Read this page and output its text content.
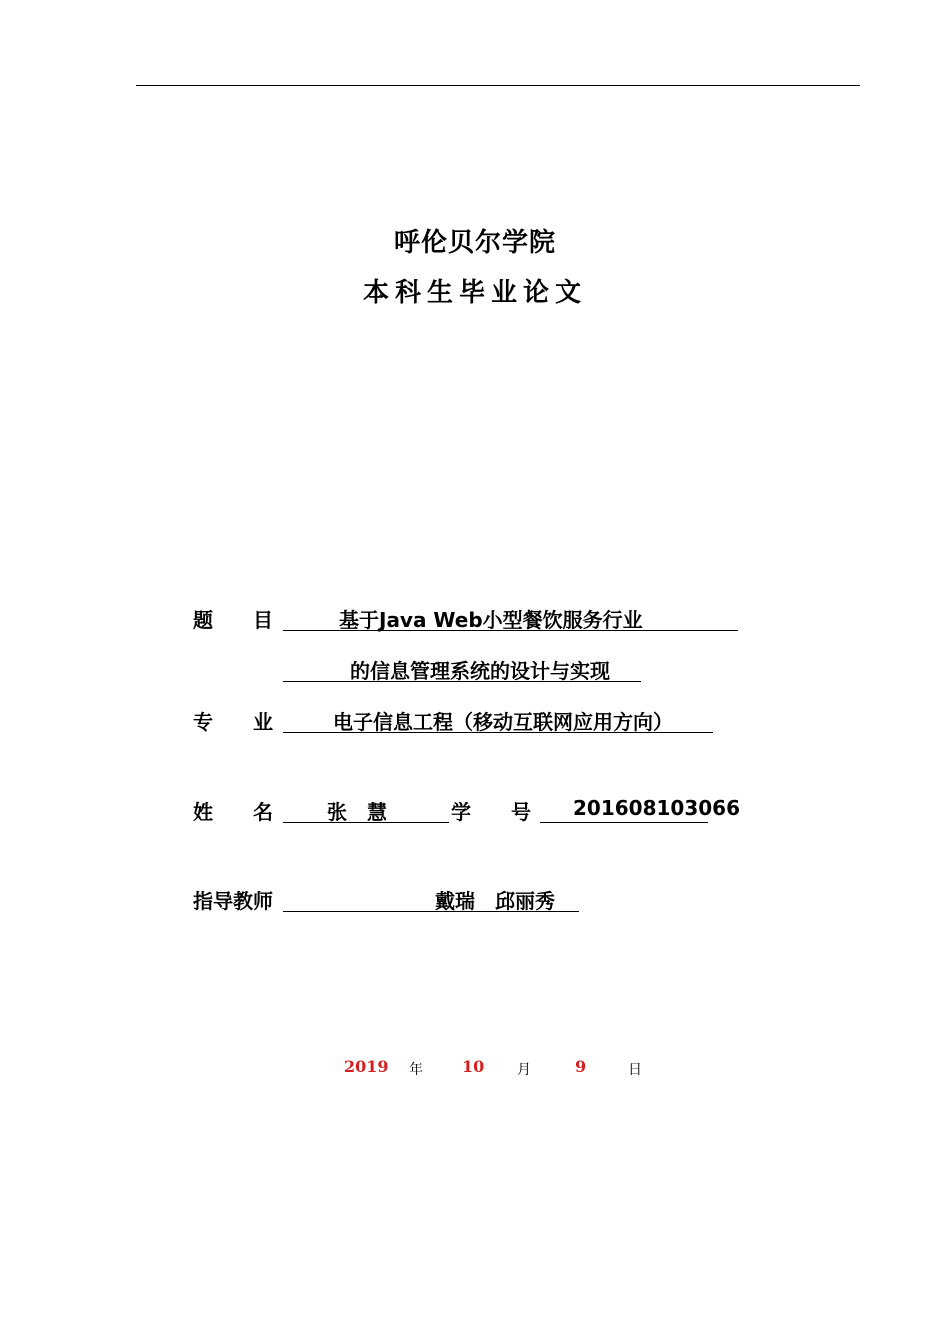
呼伦贝尔学院
本科生毕业论文
题　　目	基于Java Web小型餐饮服务行业
的信息管理系统的设计与实现
专　　业	电子信息工程（移动互联网应用方向）
姓　　名	张　慧	学　　号 201608103066
指导教师	戴瑞　邱丽秀
2019 年 10 月	9	日
